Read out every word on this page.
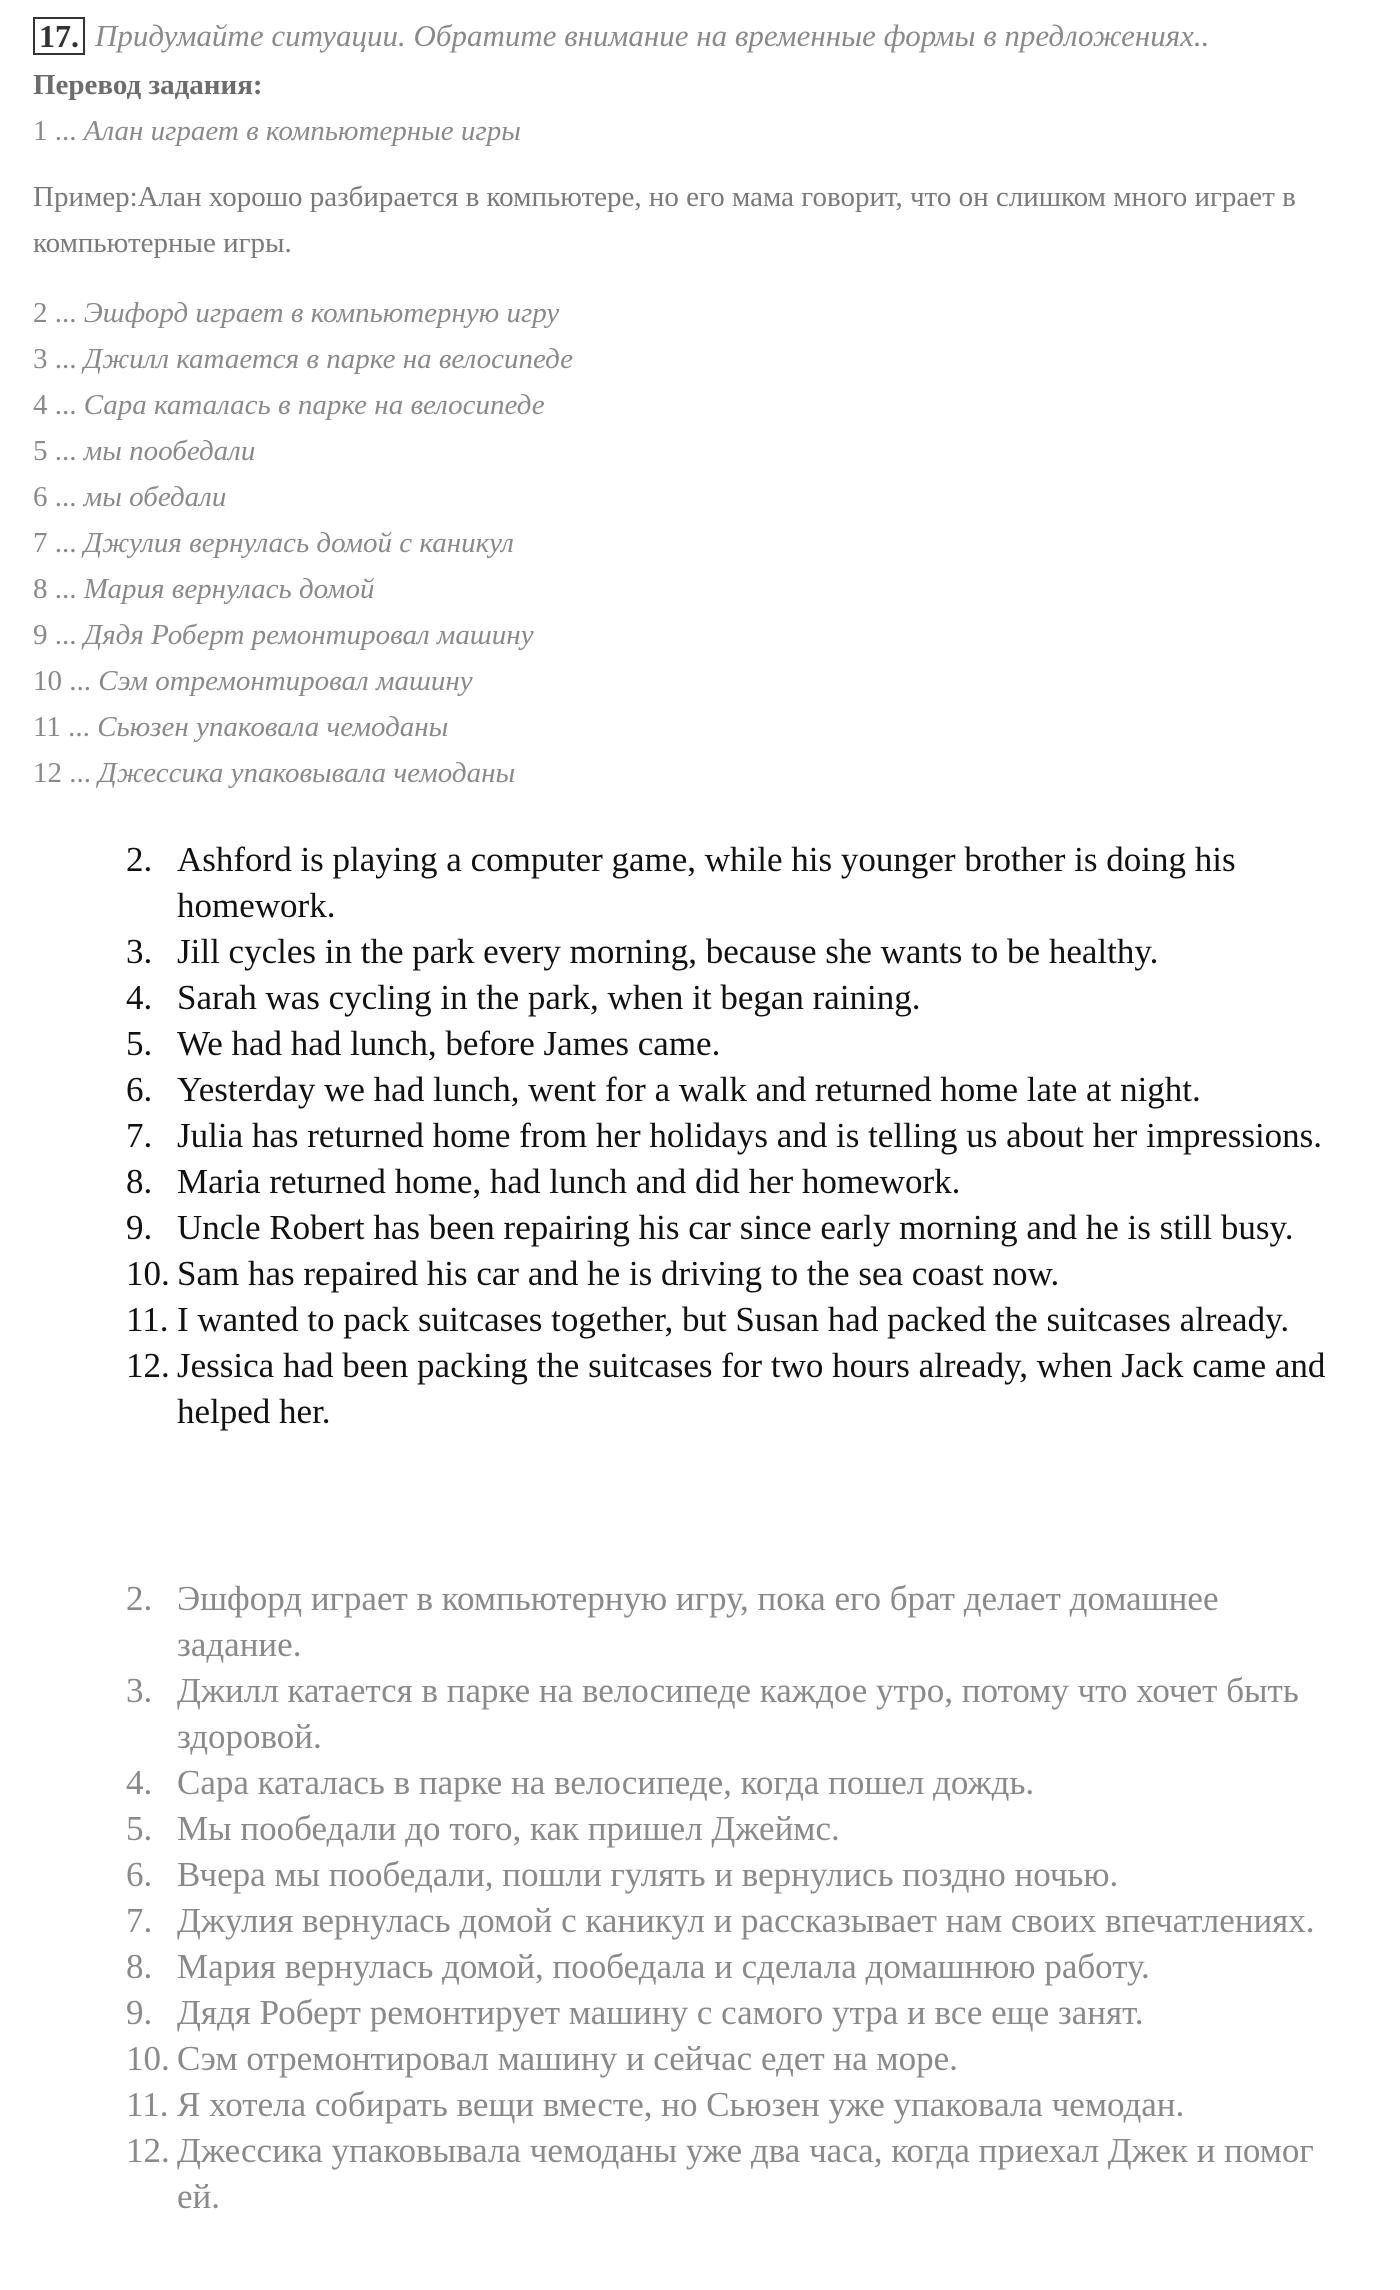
17. Придумайте ситуации. Обратите внимание на временные формы в предложениях..
Перевод задания:
1 ... Алан играет в компьютерные игры
Пример:Алан хорошо разбирается в компьютере, но его мама говорит, что он слишком много играет в компьютерные игры.
2 ... Эшфорд играет в компьютерную игру
3 ... Джилл катается в парке на велосипеде
4 ... Сара каталась в парке на велосипеде
5 ... мы пообедали
6 ... мы обедали
7 ... Джулия вернулась домой с каникул
8 ... Мария вернулась домой
9 ... Дядя Роберт ремонтировал машину
10 ... Сэм отремонтировал машину
11 ... Сьюзен упаковала чемоданы
12 ... Джессика упаковывала чемоданы
2. Ashford is playing a computer game, while his younger brother is doing his homework.
3. Jill cycles in the park every morning, because she wants to be healthy.
4. Sarah was cycling in the park, when it began raining.
5. We had had lunch, before James came.
6. Yesterday we had lunch, went for a walk and returned home late at night.
7. Julia has returned home from her holidays and is telling us about her impressions.
8. Maria returned home, had lunch and did her homework.
9. Uncle Robert has been repairing his car since early morning and he is still busy.
10. Sam has repaired his car and he is driving to the sea coast now.
11. I wanted to pack suitcases together, but Susan had packed the suitcases already.
12. Jessica had been packing the suitcases for two hours already, when Jack came and helped her.
2. Эшфорд играет в компьютерную игру, пока его брат делает домашнее задание.
3. Джилл катается в парке на велосипеде каждое утро, потому что хочет быть здоровой.
4. Сара каталась в парке на велосипеде, когда пошел дождь.
5. Мы пообедали до того, как пришел Джеймс.
6. Вчера мы пообедали, пошли гулять и вернулись поздно ночью.
7. Джулия вернулась домой с каникул и рассказывает нам своих впечатлениях.
8. Мария вернулась домой, пообедала и сделала домашнюю работу.
9. Дядя Роберт ремонтирует машину с самого утра и все еще занят.
10. Сэм отремонтировал машину и сейчас едет на море.
11. Я хотела собирать вещи вместе, но Сьюзен уже упаковала чемодан.
12. Джессика упаковывала чемоданы уже два часа, когда приехал Джек и помог ей.
